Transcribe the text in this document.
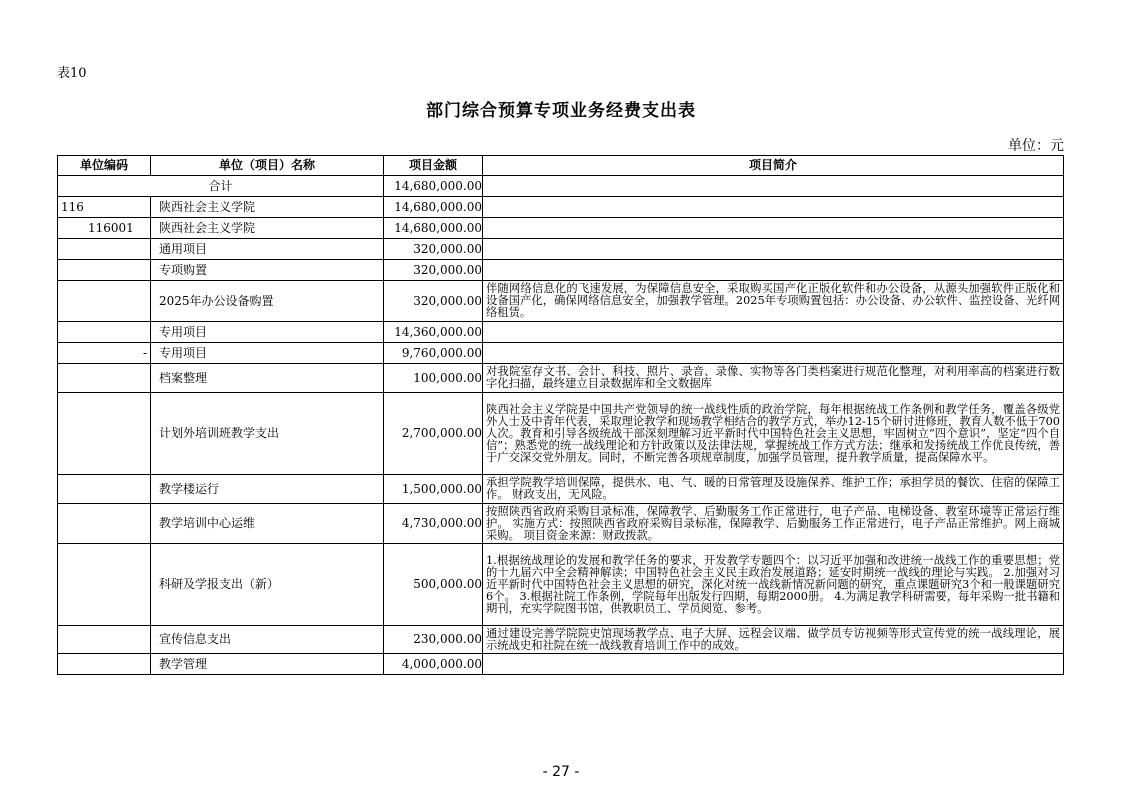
表10
部门综合预算专项业务经费支出表
单位：元
单位编码	单位（项目）名称	项目金额	项目简介
合计		14,680,000.00	
116	陕西社会主义学院	14,680,000.00	
116001	陕西社会主义学院	14,680,000.00	
	通用项目	320,000.00	
	专项购置	320,000.00	
	2025年办公设备购置	320,000.00	伴随网络信息化的飞速发展，为保障信息安全，采取购买国产化正版化软件和办公设备，从源头加强软件正版化和设备国产化，确保网络信息安全，加强教学管理。2025年专项购置包括：办公设备、办公软件、监控设备、光纤网络租赁。
	专用项目	14,360,000.00	
-	专用项目	9,760,000.00	
	档案整理	100,000.00	对我院室存文书、会计、科技、照片、录音、录像、实物等各门类档案进行规范化整理，对利用率高的档案进行数字化扫描，最终建立目录数据库和全文数据库
	计划外培训班教学支出	2,700,000.00	陕西社会主义学院是中国共产党领导的统一战线性质的政治学院，每年根据统战工作条例和教学任务，覆盖各级党外人士及中青年代表，采取理论教学和现场教学相结合的教学方式，举办12-15个研讨进修班，教育人数不低于700人次。教育和引导各级统战干部深刻理解习近平新时代中国特色社会主义思想，牢固树立“四个意识”，坚定“四个自信”；熟悉党的统一战线理论和方针政策以及法律法规，掌握统战工作方式方法；继承和发扬统战工作优良传统，善于广交深交党外朋友。同时，不断完善各项规章制度，加强学员管理，提升教学质量，提高保障水平。
	教学楼运行	1,500,000.00	承担学院教学培训保障，提供水、电、气、暖的日常管理及设施保养、维护工作；承担学员的餐饮、住宿的保障工作。 财政支出，无风险。
	教学培训中心运维	4,730,000.00	按照陕西省政府采购目录标准，保障教学、后勤服务工作正常进行，电子产品、电梯设备、教室环境等正常运行维护。 实施方式：按照陕西省政府采购目录标准，保障教学、后勤服务工作正常进行，电子产品正常维护。网上商城采购。 项目资金来源：财政拨款。
	科研及学报支出（新）	500,000.00	1.根据统战理论的发展和教学任务的要求，开发教学专题四个：以习近平加强和改进统一战线工作的重要思想；党的十九届六中全会精神解读；中国特色社会主义民主政治发展道路；延安时期统一战线的理论与实践。 2.加强对习近平新时代中国特色社会主义思想的研究，深化对统一战线新情况新问题的研究，重点课题研究3个和一般课题研究6个。 3.根据社院工作条例，学院每年出版发行四期，每期2000册。 4.为满足教学科研需要，每年采购一批书籍和期刊，充实学院图书馆，供教职员工、学员阅览、参考。
	宣传信息支出	230,000.00	通过建设完善学院院史馆现场教学点、电子大屏、远程会议端、做学员专访视频等形式宣传党的统一战线理论，展示统战史和社院在统一战线教育培训工作中的成效。
	教学管理	4,000,000.00	
- 27 -
